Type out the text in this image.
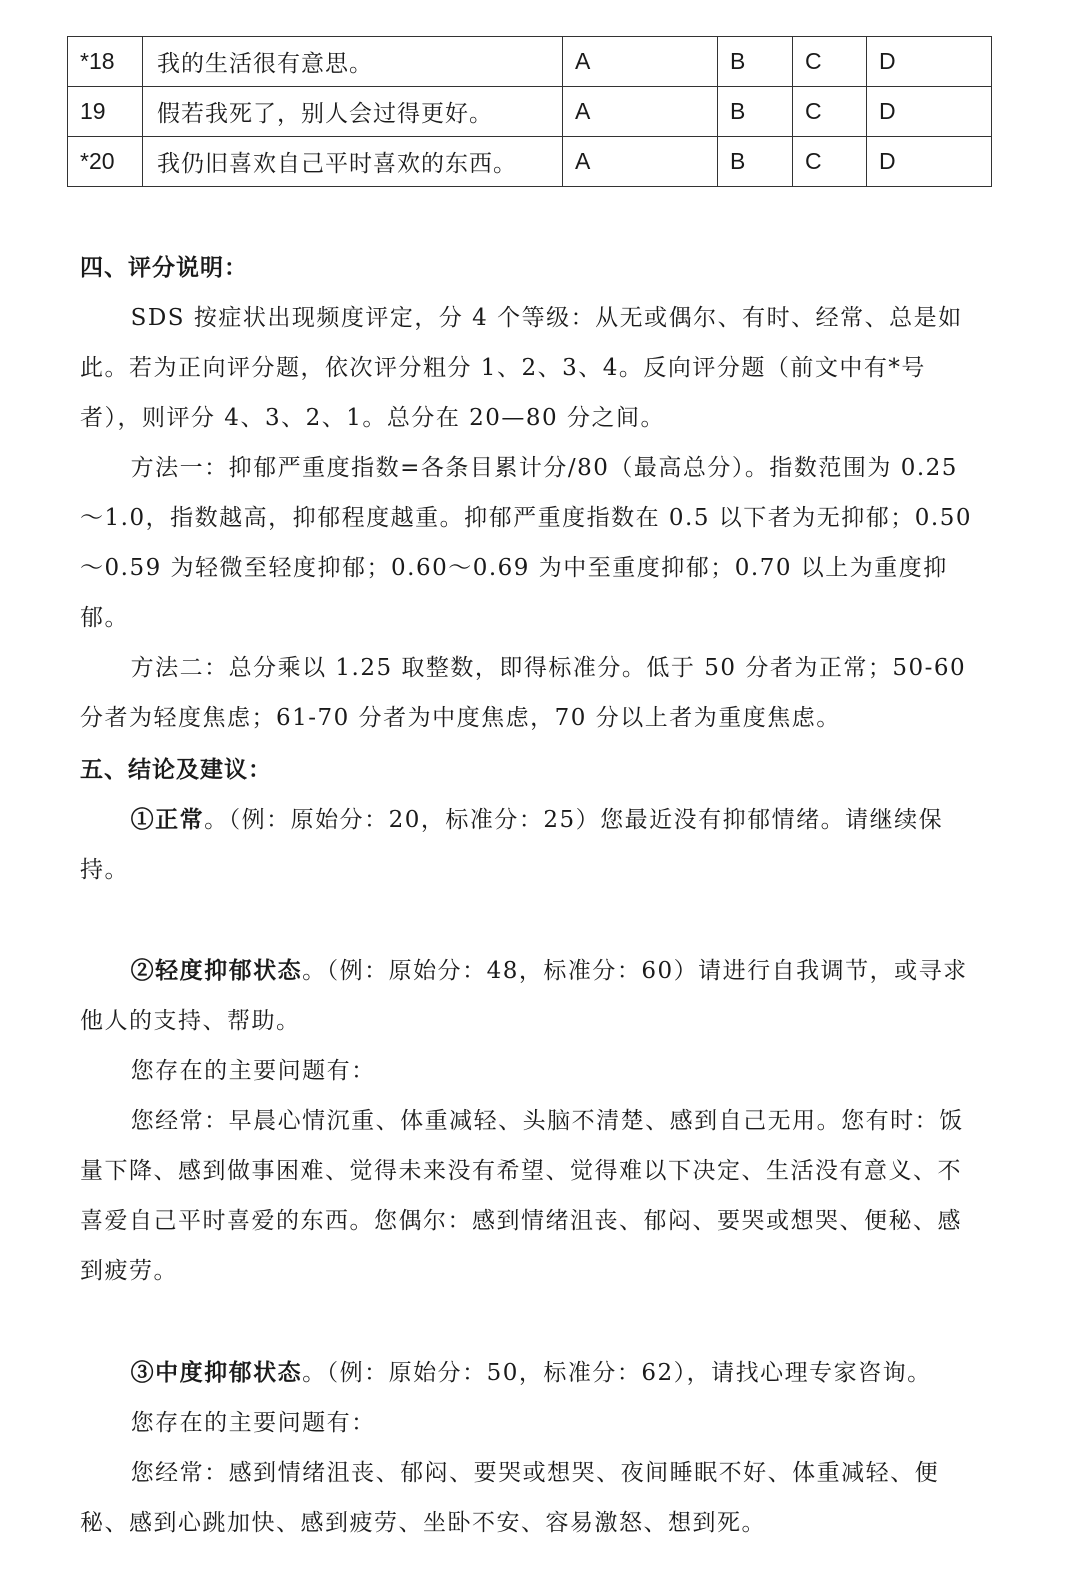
*18	我的生活很有意思。	A	B	C	D
19	假若我死了，别人会过得更好。	A	B	C	D
*20	我仍旧喜欢自己平时喜欢的东西。	A	B	C	D

四、评分说明：

SDS 按症状出现频度评定，分 4 个等级：从无或偶尔、有时、经常、总是如此。若为正向评分题，依次评分粗分 1、2、3、4。反向评分题（前文中有*号者），则评分 4、3、2、1。总分在 20—80 分之间。

方法一：抑郁严重度指数=各条目累计分/80（最高总分）。指数范围为 0.25～1.0，指数越高，抑郁程度越重。抑郁严重度指数在 0.5 以下者为无抑郁；0.50～0.59 为轻微至轻度抑郁；0.60～0.69 为中至重度抑郁；0.70 以上为重度抑郁。

方法二：总分乘以 1.25 取整数，即得标准分。低于 50 分者为正常；50-60 分者为轻度焦虑；61-70 分者为中度焦虑，70 分以上者为重度焦虑。

五、结论及建议：

①正常。（例：原始分：20，标准分：25）您最近没有抑郁情绪。请继续保持。

②轻度抑郁状态。（例：原始分：48，标准分：60）请进行自我调节，或寻求他人的支持、帮助。

您存在的主要问题有：

您经常：早晨心情沉重、体重减轻、头脑不清楚、感到自己无用。您有时：饭量下降、感到做事困难、觉得未来没有希望、觉得难以下决定、生活没有意义、不喜爱自己平时喜爱的东西。您偶尔：感到情绪沮丧、郁闷、要哭或想哭、便秘、感到疲劳。

③中度抑郁状态。（例：原始分：50，标准分：62），请找心理专家咨询。

您存在的主要问题有：

您经常：感到情绪沮丧、郁闷、要哭或想哭、夜间睡眠不好、体重减轻、便秘、感到心跳加快、感到疲劳、坐卧不安、容易激怒、想到死。
